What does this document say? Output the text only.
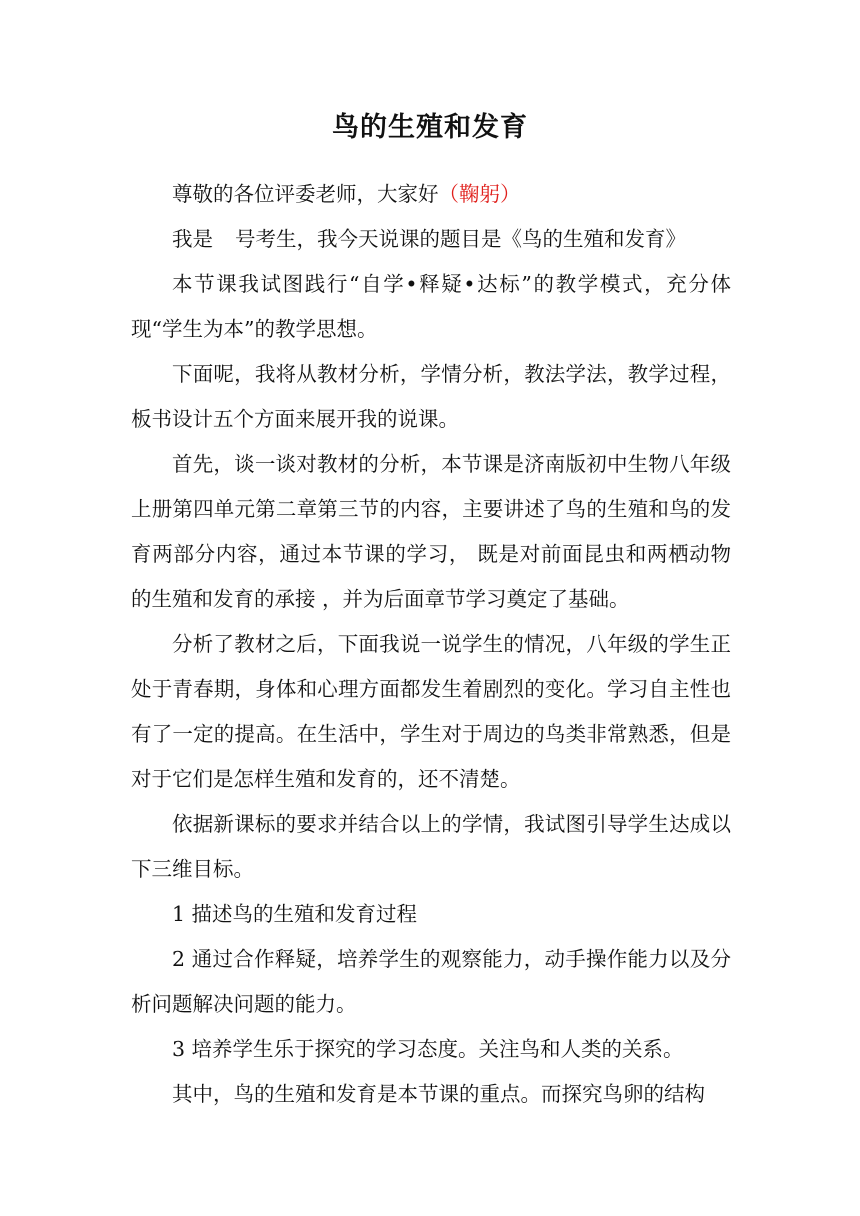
鸟的生殖和发育

尊敬的各位评委老师，大家好（鞠躬）

我是 号考生，我今天说课的题目是《鸟的生殖和发育》

本节课我试图践行“自学•释疑•达标”的教学模式，充分体现“学生为本”的教学思想。

下面呢，我将从教材分析，学情分析，教法学法，教学过程，板书设计五个方面来展开我的说课。

首先，谈一谈对教材的分析，本节课是济南版初中生物八年级上册第四单元第二章第三节的内容，主要讲述了鸟的生殖和鸟的发育两部分内容，通过本节课的学习， 既是对前面昆虫和两栖动物的生殖和发育的承接 ，并为后面章节学习奠定了基础。

分析了教材之后，下面我说一说学生的情况，八年级的学生正处于青春期，身体和心理方面都发生着剧烈的变化。学习自主性也有了一定的提高。在生活中，学生对于周边的鸟类非常熟悉，但是对于它们是怎样生殖和发育的，还不清楚。

依据新课标的要求并结合以上的学情，我试图引导学生达成以下三维目标。

1 描述鸟的生殖和发育过程

2 通过合作释疑，培养学生的观察能力，动手操作能力以及分析问题解决问题的能力。

3 培养学生乐于探究的学习态度。关注鸟和人类的关系。

其中，鸟的生殖和发育是本节课的重点。而探究鸟卵的结构
